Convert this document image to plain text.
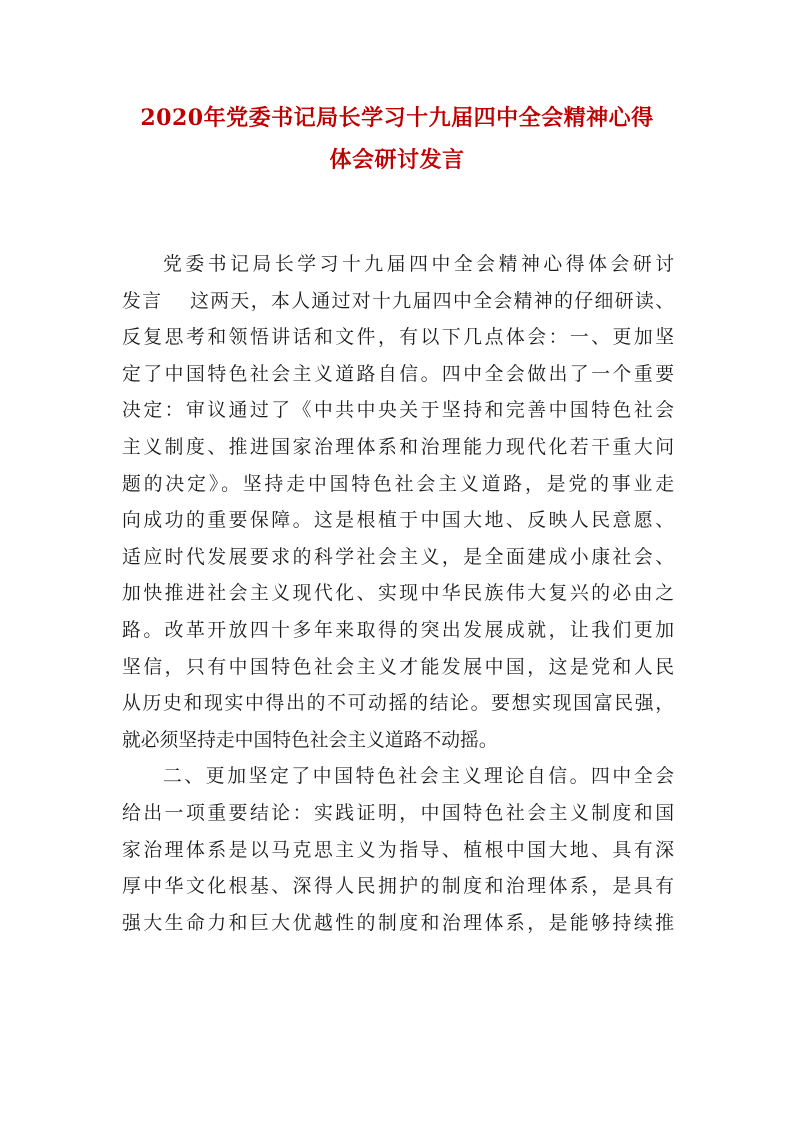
2020年党委书记局长学习十九届四中全会精神心得
体会研讨发言
党委书记局长学习十九届四中全会精神心得体会研讨
发言　 这两天，本人通过对十九届四中全会精神的仔细研读、
反复思考和领悟讲话和文件，有以下几点体会：一、更加坚
定了中国特色社会主义道路自信。四中全会做出了一个重要
决定：审议通过了《中共中央关于坚持和完善中国特色社会
主义制度、推进国家治理体系和治理能力现代化若干重大问
题的决定》。坚持走中国特色社会主义道路，是党的事业走
向成功的重要保障。这是根植于中国大地、反映人民意愿、
适应时代发展要求的科学社会主义，是全面建成小康社会、
加快推进社会主义现代化、实现中华民族伟大复兴的必由之
路。改革开放四十多年来取得的突出发展成就，让我们更加
坚信，只有中国特色社会主义才能发展中国，这是党和人民
从历史和现实中得出的不可动摇的结论。要想实现国富民强，
就必须坚持走中国特色社会主义道路不动摇。
二、更加坚定了中国特色社会主义理论自信。四中全会
给出一项重要结论：实践证明，中国特色社会主义制度和国
家治理体系是以马克思主义为指导、植根中国大地、具有深
厚中华文化根基、深得人民拥护的制度和治理体系，是具有
强大生命力和巨大优越性的制度和治理体系，是能够持续推
